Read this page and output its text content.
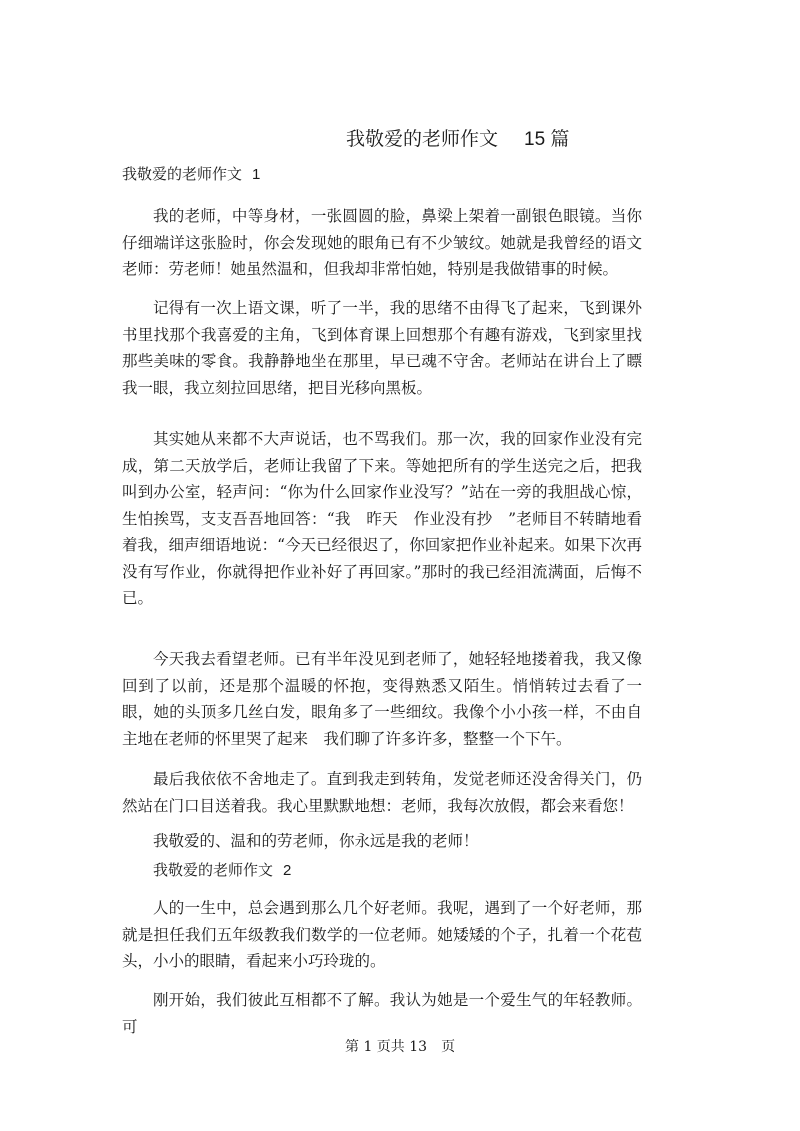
我敬爱的老师作文 15 篇
我敬爱的老师作文 1

我的老师，中等身材，一张圆圆的脸，鼻梁上架着一副银色眼镜。当你仔细端详这张脸时，你会发现她的眼角已有不少皱纹。她就是我曾经的语文老师：劳老师！她虽然温和，但我却非常怕她，特别是我做错事的时候。

记得有一次上语文课，听了一半，我的思绪不由得飞了起来，飞到课外书里找那个我喜爱的主角，飞到体育课上回想那个有趣有游戏，飞到家里找那些美味的零食。我静静地坐在那里，早已魂不守舍。老师站在讲台上了瞟我一眼，我立刻拉回思绪，把目光移向黑板。

其实她从来都不大声说话，也不骂我们。那一次，我的回家作业没有完成，第二天放学后，老师让我留了下来。等她把所有的学生送完之后，把我叫到办公室，轻声问：“你为什么回家作业没写？”站在一旁的我胆战心惊，生怕挨骂，支支吾吾地回答：“我　昨天　作业没有抄　”老师目不转睛地看着我，细声细语地说：“今天已经很迟了，你回家把作业补起来。如果下次再没有写作业，你就得把作业补好了再回家。”那时的我已经泪流满面，后悔不已。

今天我去看望老师。已有半年没见到老师了，她轻轻地搂着我，我又像回到了以前，还是那个温暖的怀抱，变得熟悉又陌生。悄悄转过去看了一眼，她的头顶多几丝白发，眼角多了一些细纹。我像个小小孩一样，不由自主地在老师的怀里哭了起来　我们聊了许多许多，整整一个下午。

最后我依依不舍地走了。直到我走到转角，发觉老师还没舍得关门，仍然站在门口目送着我。我心里默默地想：老师，我每次放假，都会来看您！

我敬爱的、温和的劳老师，你永远是我的老师！
我敬爱的老师作文 2

人的一生中，总会遇到那么几个好老师。我呢，遇到了一个好老师，那就是担任我们五年级教我们数学的一位老师。她矮矮的个子，扎着一个花苞头，小小的眼睛，看起来小巧玲珑的。

刚开始，我们彼此互相都不了解。我认为她是一个爱生气的年轻教师。可

第 1 页共 13 页
